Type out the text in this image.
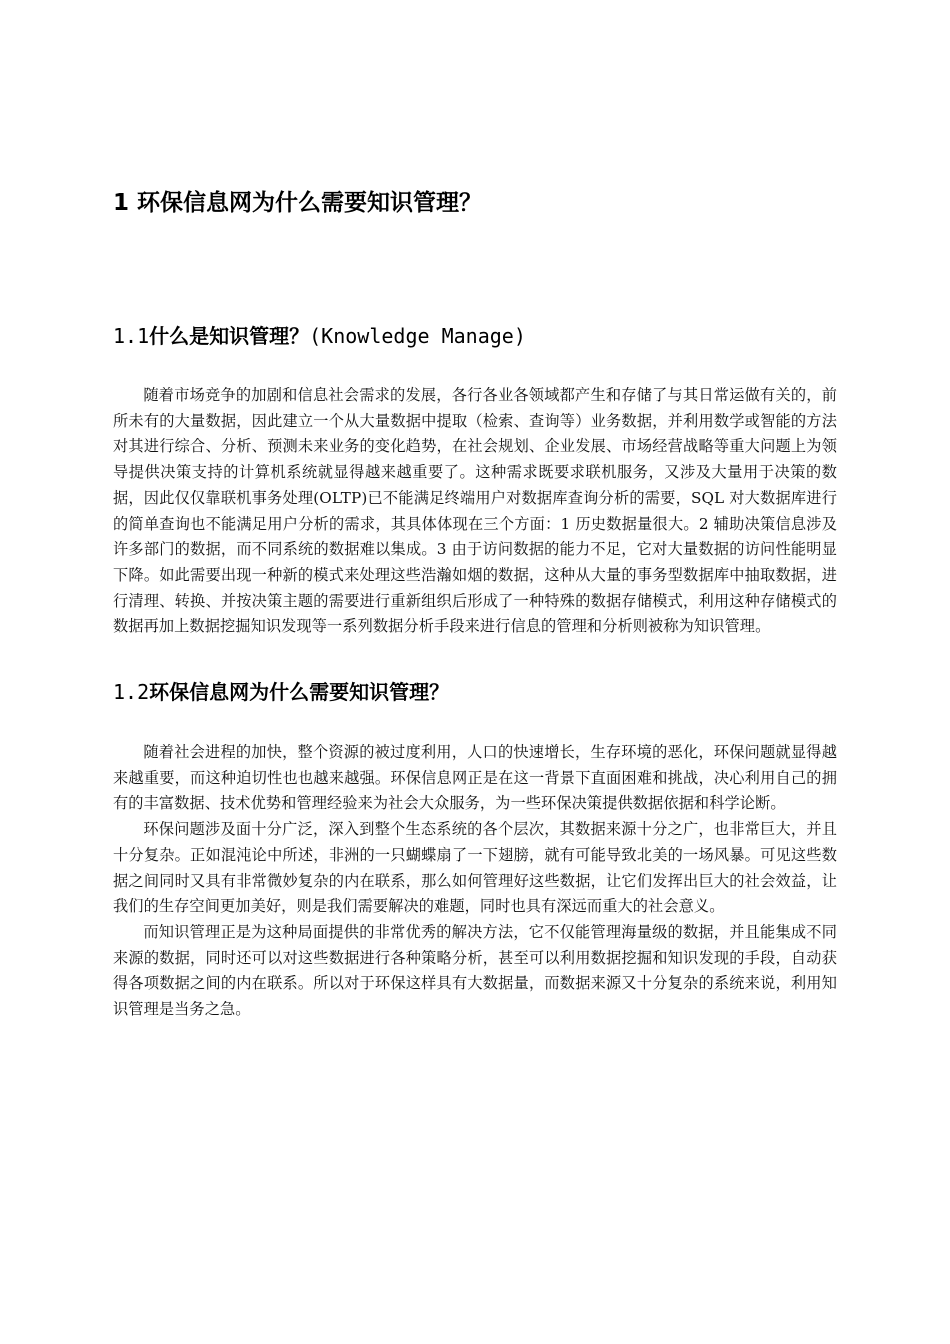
1 环保信息网为什么需要知识管理？
1.1什么是知识管理？(Knowledge Manage)

随着市场竞争的加剧和信息社会需求的发展，各行各业各领域都产生和存储了与其日常运做有关的，前所未有的大量数据，因此建立一个从大量数据中提取（检索、查询等）业务数据，并利用数学或智能的方法对其进行综合、分析、预测未来业务的变化趋势，在社会规划、企业发展、市场经营战略等重大问题上为领导提供决策支持的计算机系统就显得越来越重要了。这种需求既要求联机服务，又涉及大量用于决策的数据，因此仅仅靠联机事务处理(OLTP)已不能满足终端用户对数据库查询分析的需要，SQL 对大数据库进行的简单查询也不能满足用户分析的需求，其具体体现在三个方面：1 历史数据量很大。2 辅助决策信息涉及许多部门的数据，而不同系统的数据难以集成。3 由于访问数据的能力不足，它对大量数据的访问性能明显下降。如此需要出现一种新的模式来处理这些浩瀚如烟的数据，这种从大量的事务型数据库中抽取数据，进行清理、转换、并按决策主题的需要进行重新组织后形成了一种特殊的数据存储模式，利用这种存储模式的数据再加上数据挖掘知识发现等一系列数据分析手段来进行信息的管理和分析则被称为知识管理。

1.2环保信息网为什么需要知识管理？

随着社会进程的加快，整个资源的被过度利用，人口的快速增长，生存环境的恶化，环保问题就显得越来越重要，而这种迫切性也也越来越强。环保信息网正是在这一背景下直面困难和挑战，决心利用自己的拥有的丰富数据、技术优势和管理经验来为社会大众服务，为一些环保决策提供数据依据和科学论断。

环保问题涉及面十分广泛，深入到整个生态系统的各个层次，其数据来源十分之广，也非常巨大，并且十分复杂。正如混沌论中所述，非洲的一只蝴蝶扇了一下翅膀，就有可能导致北美的一场风暴。可见这些数据之间同时又具有非常微妙复杂的内在联系，那么如何管理好这些数据，让它们发挥出巨大的社会效益，让我们的生存空间更加美好，则是我们需要解决的难题，同时也具有深远而重大的社会意义。

而知识管理正是为这种局面提供的非常优秀的解决方法，它不仅能管理海量级的数据，并且能集成不同来源的数据，同时还可以对这些数据进行各种策略分析，甚至可以利用数据挖掘和知识发现的手段，自动获得各项数据之间的内在联系。所以对于环保这样具有大数据量，而数据来源又十分复杂的系统来说，利用知识管理是当务之急。
